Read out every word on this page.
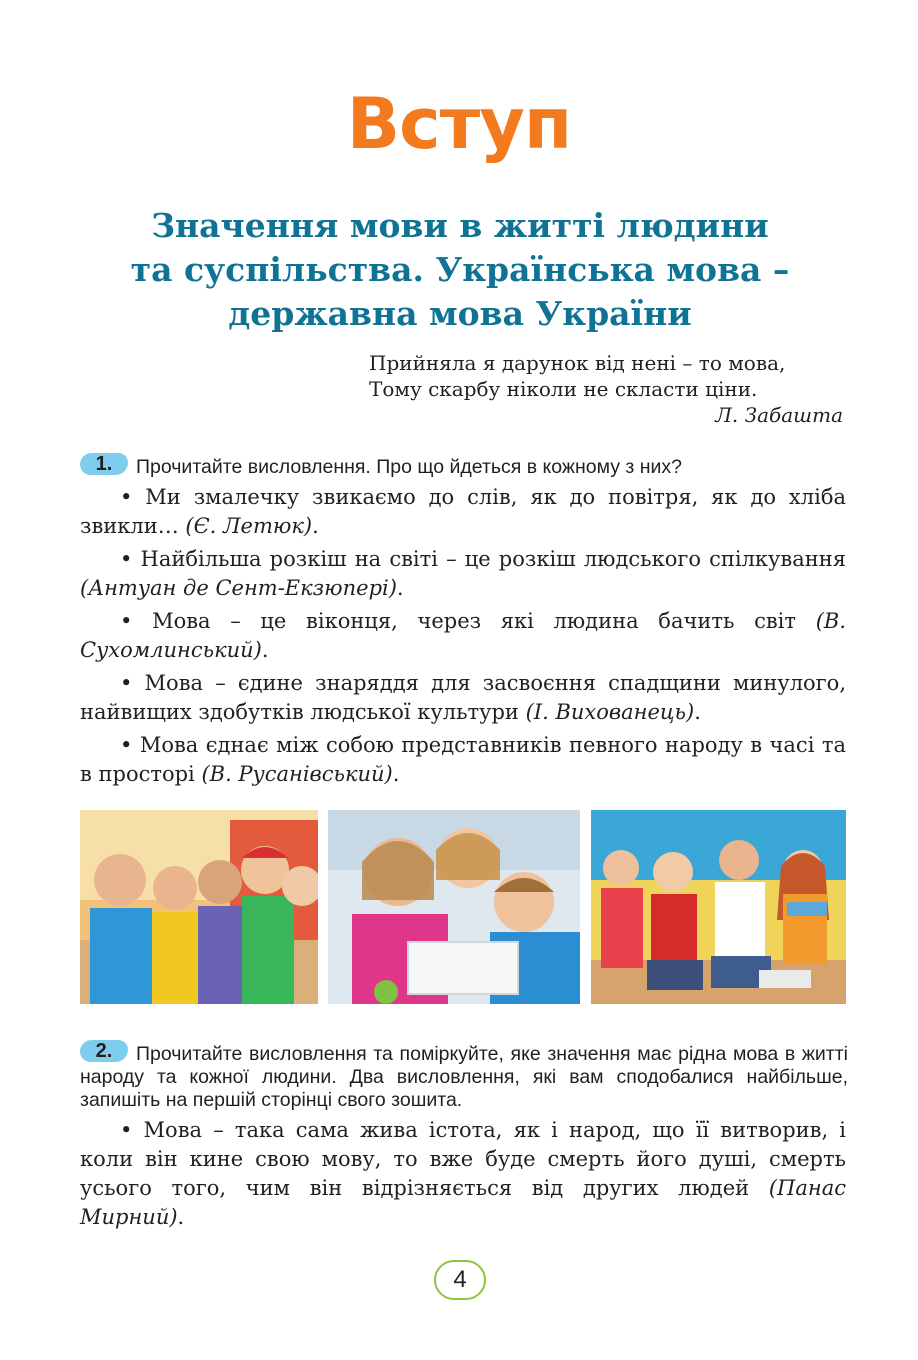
Вступ
Значення мови в житті людини
та суспільства. Українська мова –
державна мова України
Прийняла я дарунок від нені – то мова,
Тому скарбу ніколи не скласти ціни.
Л. Забашта
1.	Прочитайте висловлення. Про що йдеться в кожному з них?

• Ми змалечку звикаємо до слів, як до повітря, як до хліба звикли… (Є. Летюк).

• Найбільша розкіш на світі – це розкіш людського спілкування (Антуан де Сент-Екзюпері).

• Мова – це віконця, через які людина бачить світ (В. Сухомлинський).

• Мова – єдине знаряддя для засвоєння спадщини минулого, найвищих здобутків людської культури (І. Вихованець).

• Мова єднає між собою представників певного народу в часі та в просторі (В. Русанівський).

2.	Прочитайте висловлення та поміркуйте, яке значення має рідна мова в житті народу та кожної людини. Два висловлення, які вам сподобалися найбільше, запишіть на першій сторінці свого зошита.

• Мова – така сама жива істота, як і народ, що її витворив, і коли він кине свою мову, то вже буде смерть його душі, смерть усього того, чим він відрізняється від других людей (Панас Мирний).

4
